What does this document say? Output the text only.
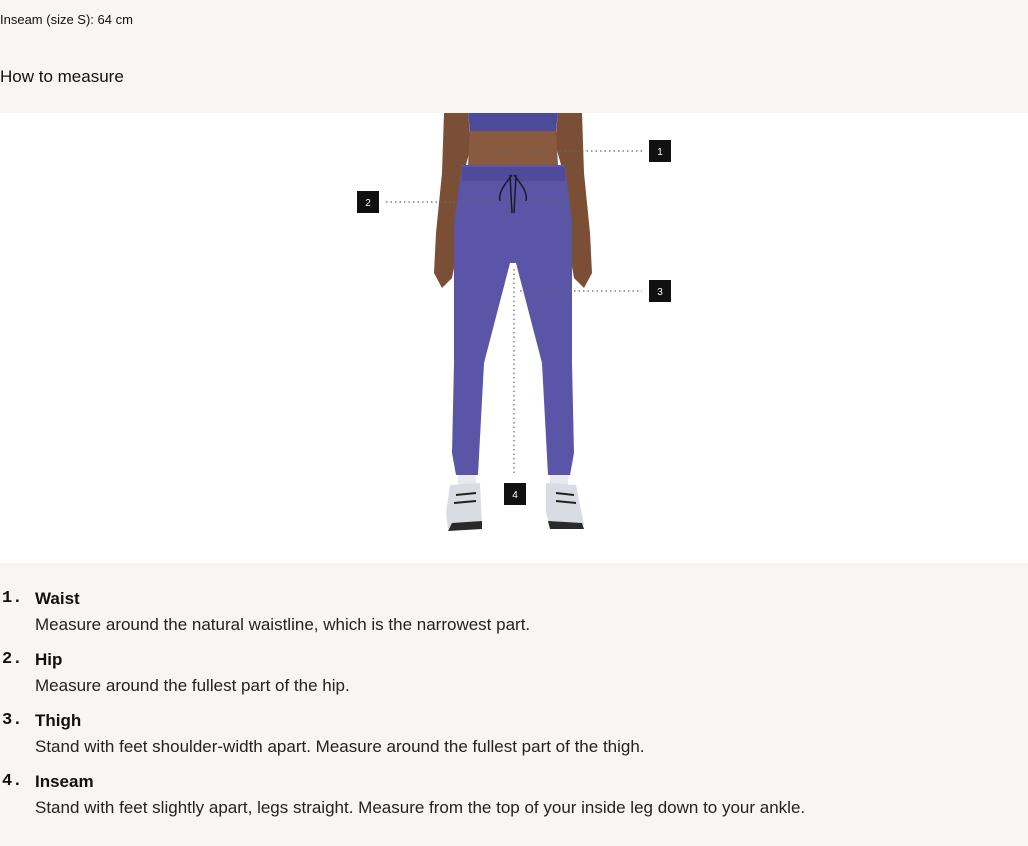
Inseam (size S): 64 cm
How to measure
1
2
3
4
1. Waist
Measure around the natural waistline, which is the narrowest part.
2. Hip
Measure around the fullest part of the hip.
3. Thigh
Stand with feet shoulder-width apart. Measure around the fullest part of the thigh.
4. Inseam
Stand with feet slightly apart, legs straight. Measure from the top of your inside leg down to your ankle.
